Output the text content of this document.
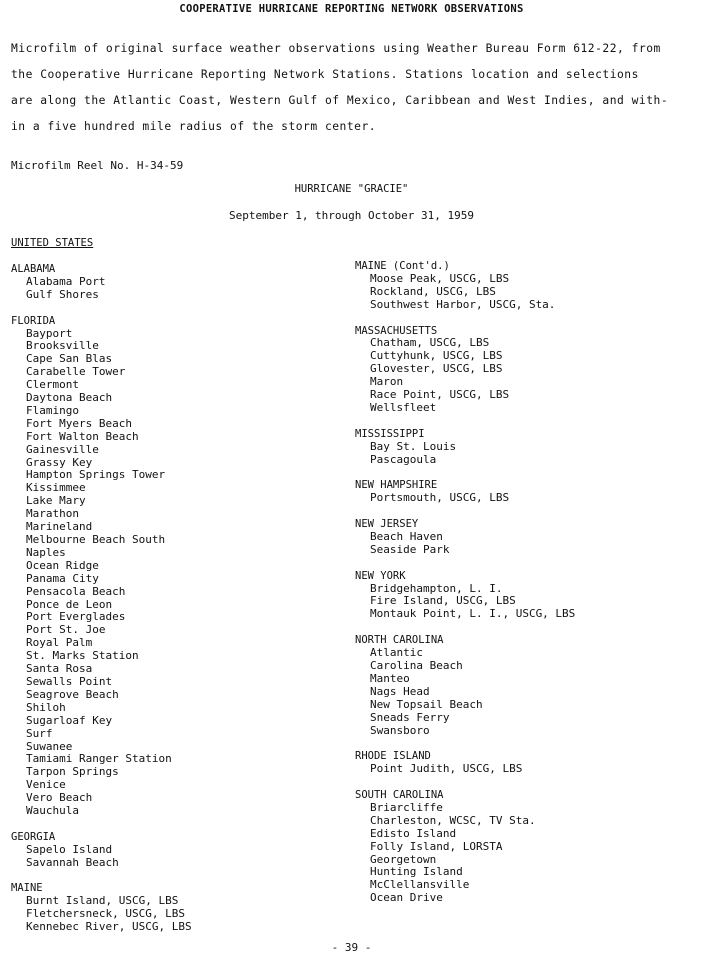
COOPERATIVE HURRICANE REPORTING NETWORK OBSERVATIONS
Microfilm of original surface weather observations using Weather Bureau Form 612-22, from
the Cooperative Hurricane Reporting Network Stations. Stations location and selections
are along the Atlantic Coast, Western Gulf of Mexico, Caribbean and West Indies, and with-
in a five hundred mile radius of the storm center.
Microfilm Reel No. H-34-59
HURRICANE "GRACIE"
September 1, through October 31, 1959
UNITED STATES
ALABAMA
Alabama Port
Gulf Shores
FLORIDA
Bayport
Brooksville
Cape San Blas
Carabelle Tower
Clermont
Daytona Beach
Flamingo
Fort Myers Beach
Fort Walton Beach
Gainesville
Grassy Key
Hampton Springs Tower
Kissimmee
Lake Mary
Marathon
Marineland
Melbourne Beach South
Naples
Ocean Ridge
Panama City
Pensacola Beach
Ponce de Leon
Port Everglades
Port St. Joe
Royal Palm
St. Marks Station
Santa Rosa
Sewalls Point
Seagrove Beach
Shiloh
Sugarloaf Key
Surf
Suwanee
Tamiami Ranger Station
Tarpon Springs
Venice
Vero Beach
Wauchula
GEORGIA
Sapelo Island
Savannah Beach
MAINE
Burnt Island, USCG, LBS
Fletchersneck, USCG, LBS
Kennebec River, USCG, LBS
MAINE (Cont'd.)
Moose Peak, USCG, LBS
Rockland, USCG, LBS
Southwest Harbor, USCG, Sta.
MASSACHUSETTS
Chatham, USCG, LBS
Cuttyhunk, USCG, LBS
Glovester, USCG, LBS
Maron
Race Point, USCG, LBS
Wellsfleet
MISSISSIPPI
Bay St. Louis
Pascagoula
NEW HAMPSHIRE
Portsmouth, USCG, LBS
NEW JERSEY
Beach Haven
Seaside Park
NEW YORK
Bridgehampton, L. I.
Fire Island, USCG, LBS
Montauk Point, L. I., USCG, LBS
NORTH CAROLINA
Atlantic
Carolina Beach
Manteo
Nags Head
New Topsail Beach
Sneads Ferry
Swansboro
RHODE ISLAND
Point Judith, USCG, LBS
SOUTH CAROLINA
Briarcliffe
Charleston, WCSC, TV Sta.
Edisto Island
Folly Island, LORSTA
Georgetown
Hunting Island
McClellansville
Ocean Drive
- 39 -
